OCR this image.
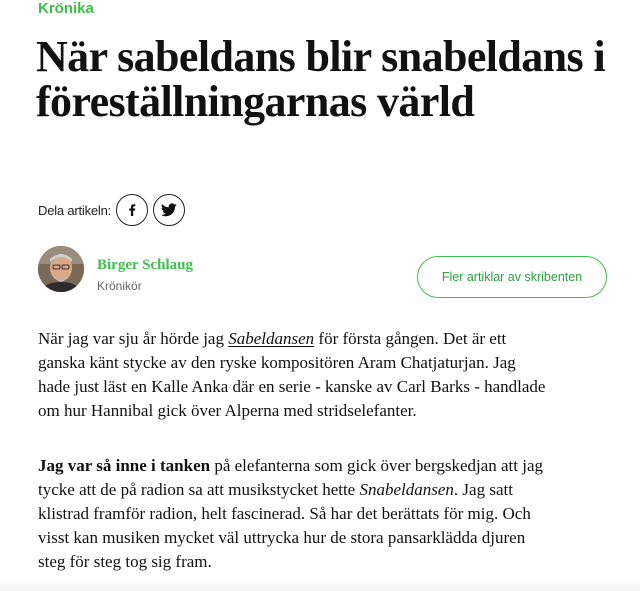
Krönika
När sabeldans blir snabeldans i föreställningarnas värld
Dela artikeln:
Birger Schlaug
Krönikör
Fler artiklar av skribenten

När jag var sju år hörde jag Sabeldansen för första gången. Det är ett
ganska känt stycke av den ryske kompositören Aram Chatjaturjan. Jag
hade just läst en Kalle Anka där en serie - kanske av Carl Barks - handlade
om hur Hannibal gick över Alperna med stridselefanter.

Jag var så inne i tanken på elefanterna som gick över bergskedjan att jag
tycke att de på radion sa att musikstycket hette Snabeldansen. Jag satt
klistrad framför radion, helt fascinerad. Så har det berättats för mig. Och
visst kan musiken mycket väl uttrycka hur de stora pansarklädda djuren
steg för steg tog sig fram.
